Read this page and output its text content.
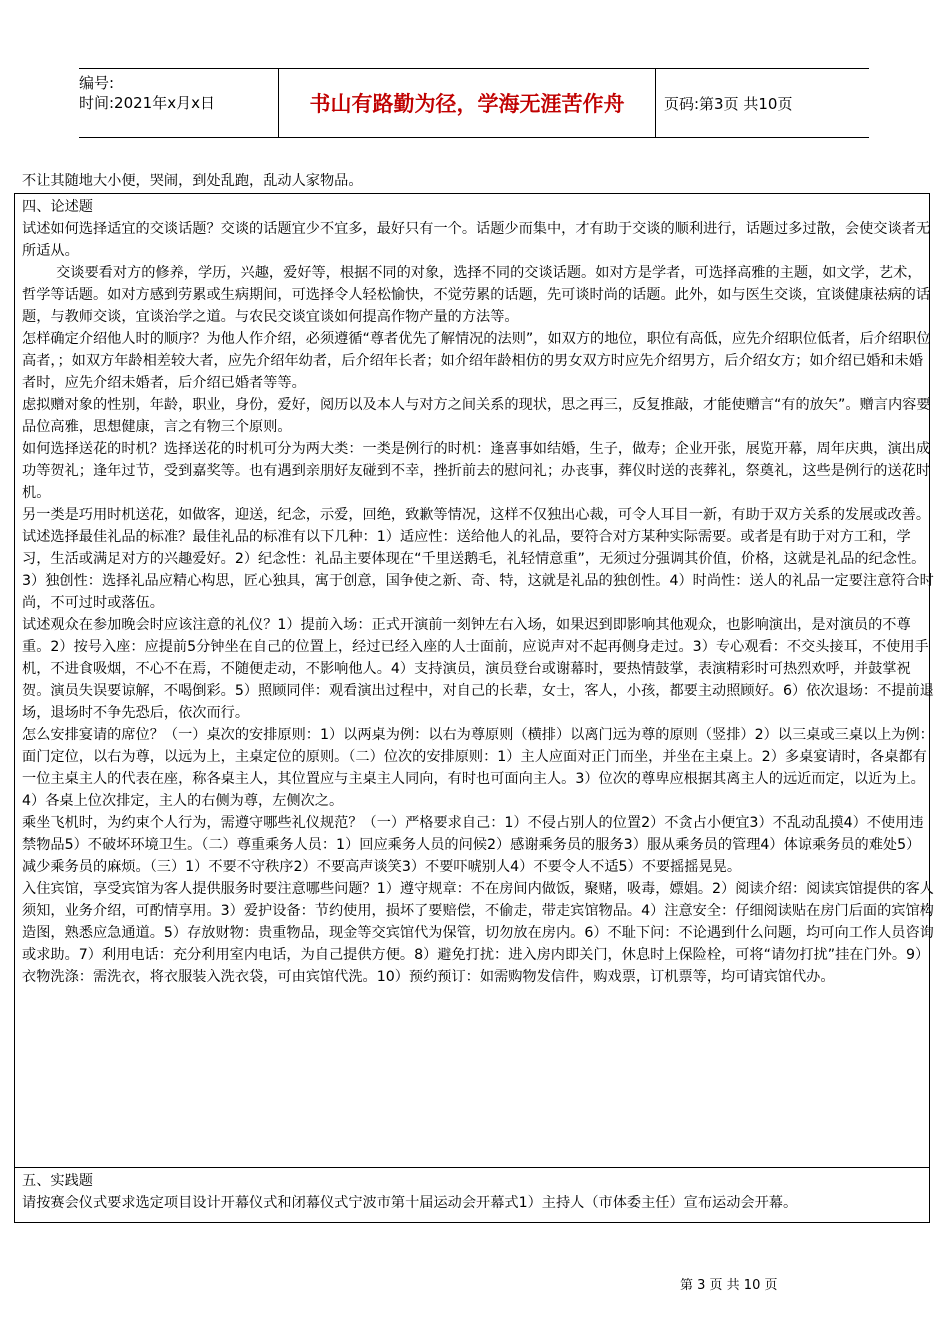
编号:
时间:2021年x月x日	书山有路勤为径，学海无涯苦作舟	页码:第3页 共10页
不让其随地大小便，哭闹，到处乱跑，乱动人家物品。

四、论述题

试述如何选择适宜的交谈话题？交谈的话题宜少不宜多，最好只有一个。话题少而集中，才有助于交谈的顺利进行，话题过多过散，会使交谈者无所适从。

交谈要看对方的修养，学历，兴趣，爱好等，根据不同的对象，选择不同的交谈话题。如对方是学者，可选择高雅的主题，如文学，艺术，哲学等话题。如对方感到劳累或生病期间，可选择令人轻松愉快，不觉劳累的话题，先可谈时尚的话题。此外，如与医生交谈，宜谈健康祛病的话题，与教师交谈，宜谈治学之道。与农民交谈宜谈如何提高作物产量的方法等。

怎样确定介绍他人时的顺序？为他人作介绍，必须遵循“尊者优先了解情况的法则”，如双方的地位，职位有高低，应先介绍职位低者，后介绍职位高者，；如双方年龄相差较大者，应先介绍年幼者，后介绍年长者；如介绍年龄相仿的男女双方时应先介绍男方，后介绍女方；如介绍已婚和未婚者时，应先介绍未婚者，后介绍已婚者等等。

虑拟赠对象的性别，年龄，职业，身份，爱好，阅历以及本人与对方之间关系的现状，思之再三，反复推敲，才能使赠言“有的放矢”。赠言内容要品位高雅，思想健康，言之有物三个原则。

如何选择送花的时机？选择送花的时机可分为两大类：一类是例行的时机：逢喜事如结婚，生子，做寿；企业开张，展览开幕，周年庆典，演出成功等贺礼；逢年过节，受到嘉奖等。也有遇到亲朋好友碰到不幸，挫折前去的慰问礼；办丧事，葬仪时送的丧葬礼，祭奠礼，这些是例行的送花时机。

另一类是巧用时机送花，如做客，迎送，纪念，示爱，回绝，致歉等情况，这样不仅独出心裁，可令人耳目一新，有助于双方关系的发展或改善。

试述选择最佳礼品的标准？最佳礼品的标准有以下几种：1）适应性：送给他人的礼品，要符合对方某种实际需要。或者是有助于对方工和，学习，生活或满足对方的兴趣爱好。2）纪念性：礼品主要体现在“千里送鹅毛，礼轻情意重”，无须过分强调其价值，价格，这就是礼品的纪念性。3）独创性：选择礼品应精心构思，匠心独具，寓于创意，国争使之新、奇、特，这就是礼品的独创性。4）时尚性：送人的礼品一定要注意符合时尚，不可过时或落伍。

试述观众在参加晚会时应该注意的礼仪？1）提前入场：正式开演前一刻钟左右入场，如果迟到即影响其他观众，也影响演出，是对演员的不尊重。2）按号入座：应提前5分钟坐在自己的位置上，经过已经入座的人士面前，应说声对不起再侧身走过。3）专心观看：不交头接耳，不使用手机，不进食吸烟，不心不在焉，不随便走动，不影响他人。4）支持演员，演员登台或谢幕时，要热情鼓掌，表演精彩时可热烈欢呼，并鼓掌祝贺。演员失误要谅解，不喝倒彩。5）照顾同伴：观看演出过程中，对自己的长辈，女士，客人，小孩，都要主动照顾好。6）依次退场：不提前退场，退场时不争先恐后，依次而行。

怎么安排宴请的席位？（一）桌次的安排原则：1）以两桌为例：以右为尊原则（横排）以离门远为尊的原则（竖排）2）以三桌或三桌以上为例：面门定位，以右为尊，以远为上，主桌定位的原则。（二）位次的安排原则：1）主人应面对正门而坐，并坐在主桌上。2）多桌宴请时，各桌都有一位主桌主人的代表在座，称各桌主人，其位置应与主桌主人同向，有时也可面向主人。3）位次的尊卑应根据其离主人的远近而定，以近为上。4）各桌上位次排定，主人的右侧为尊，左侧次之。

乘坐飞机时，为约束个人行为，需遵守哪些礼仪规范？（一）严格要求自己：1）不侵占别人的位置2）不贪占小便宜3）不乱动乱摸4）不使用违禁物品5）不破坏环境卫生。（二）尊重乘务人员：1）回应乘务人员的问候2）感谢乘务员的服务3）服从乘务员的管理4）体谅乘务员的难处5）减少乘务员的麻烦。（三）1）不要不守秩序2）不要高声谈笑3）不要吓唬别人4）不要令人不适5）不要摇摇晃晃。

入住宾馆，享受宾馆为客人提供服务时要注意哪些问题？1）遵守规章：不在房间内做饭，聚赌，吸毒，嫖娼。2）阅读介绍：阅读宾馆提供的客人须知，业务介绍，可酌情享用。3）爱护设备：节约使用，损坏了要赔偿，不偷走，带走宾馆物品。4）注意安全：仔细阅读贴在房门后面的宾馆构造图，熟悉应急通道。5）存放财物：贵重物品，现金等交宾馆代为保管，切勿放在房内。6）不耻下问：不论遇到什么问题，均可向工作人员咨询或求助。7）利用电话：充分利用室内电话，为自己提供方便。8）避免打扰：进入房内即关门，休息时上保险栓，可将“请勿打扰”挂在门外。9）衣物洗涤：需洗衣，将衣服装入洗衣袋，可由宾馆代洗。10）预约预订：如需购物发信件，购戏票，订机票等，均可请宾馆代办。

五、实践题

请按赛会仪式要求选定项目设计开幕仪式和闭幕仪式宁波市第十届运动会开幕式1）主持人（市体委主任）宣布运动会开幕。

第 3 页 共 10 页
